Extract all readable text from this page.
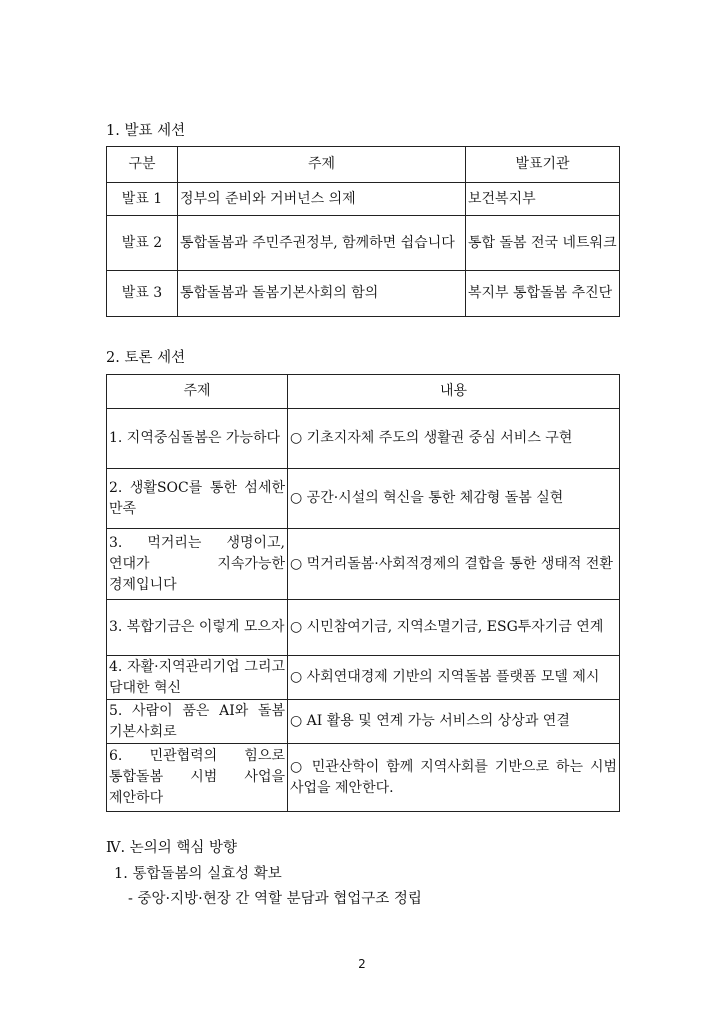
1. 발표 세션
구분	주제	발표기관
발표 1	정부의 준비와 거버넌스 의제	보건복지부
발표 2	통합돌봄과 주민주권정부, 함께하면 쉽습니다	통합 돌봄 전국 네트워크
발표 3	통합돌봄과 돌봄기본사회의 함의	복지부 통합돌봄 추진단
2. 토론 세션
주제	내용
1. 지역중심돌봄은 가능하다	○ 기초지자체 주도의 생활권 중심 서비스 구현
2. 생활SOC를 통한 섬세한 만족	○ 공간·시설의 혁신을 통한 체감형 돌봄 실현
3. 먹거리는 생명이고, 연대가 지속가능한 경제입니다	○ 먹거리돌봄·사회적경제의 결합을 통한 생태적 전환
3. 복합기금은 이렇게 모으자	○ 시민참여기금, 지역소멸기금, ESG투자기금 연계
4. 자활·지역관리기업 그리고 담대한 혁신	○ 사회연대경제 기반의 지역돌봄 플랫폼 모델 제시
5. 사람이 품은 AI와 돌봄 기본사회로	○ AI 활용 및 연계 가능 서비스의 상상과 연결
6. 민관협력의 힘으로 통합돌봄 시범 사업을 제안하다	○ 민관산학이 함께 지역사회를 기반으로 하는 시범 사업을 제안한다.
Ⅳ. 논의의 핵심 방향
1. 통합돌봄의 실효성 확보
- 중앙·지방·현장 간 역할 분담과 협업구조 정립
2
